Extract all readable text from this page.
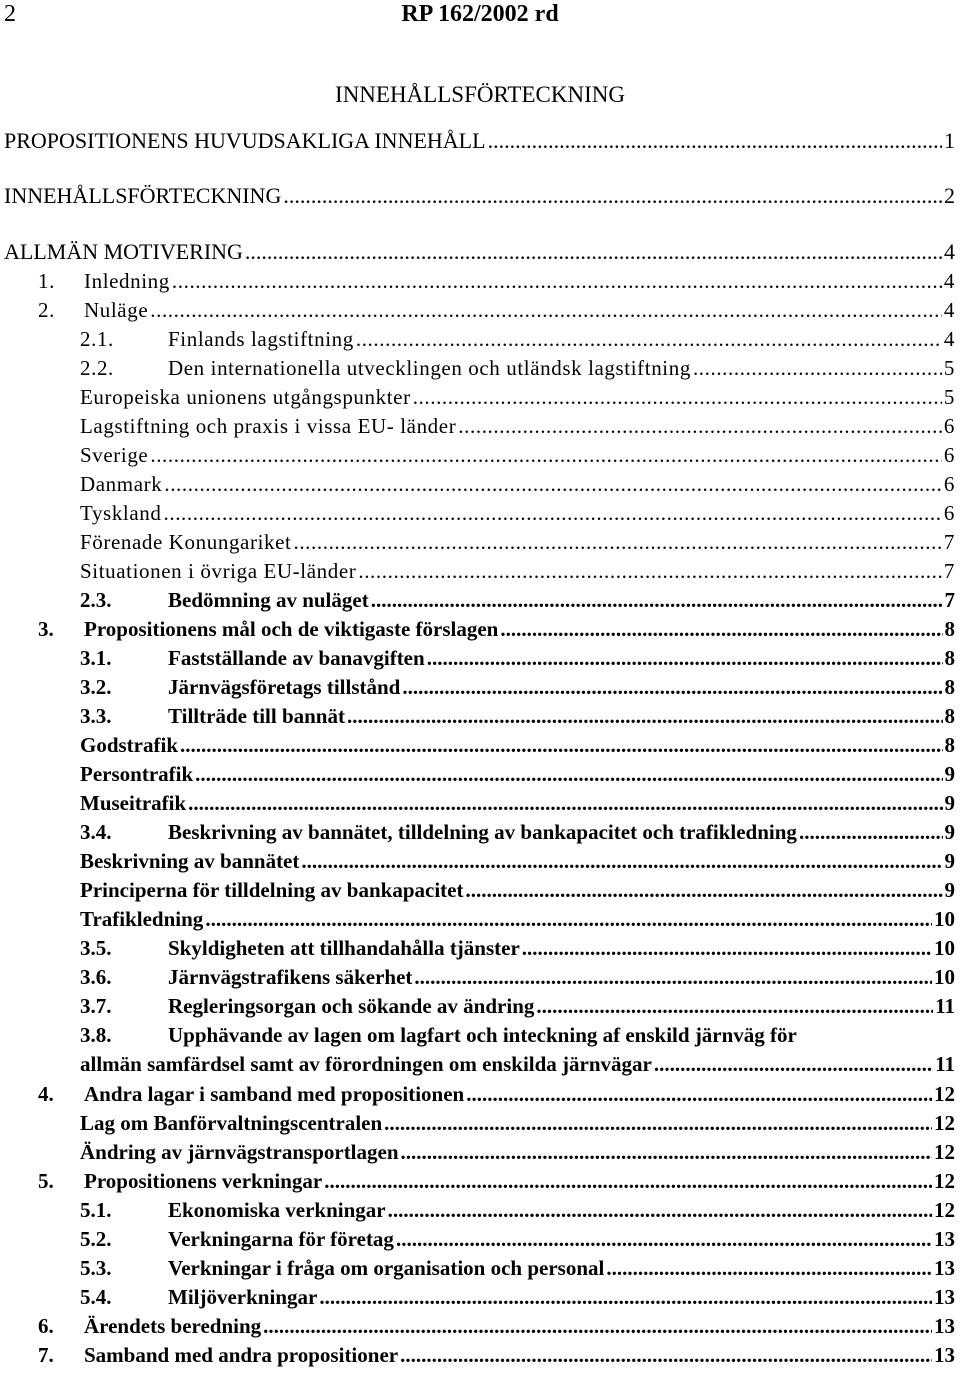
2	RP 162/2002 rd
INNEHÅLLSFÖRTECKNING
PROPOSITIONENS HUVUDSAKLIGA INNEHÅLL .....	1
INNEHÅLLSFÖRTECKNING .....	2
ALLMÄN MOTIVERING .....	4
1.	Inledning .....	4
2.	Nuläge .....	4
2.1.	Finlands lagstiftning .....	4
2.2.	Den internationella utvecklingen och utländsk lagstiftning .....	5
Europeiska unionens utgångspunkter .....	5
Lagstiftning och praxis i vissa EU- länder .....	6
Sverige .....	6
Danmark .....	6
Tyskland .....	6
Förenade Konungariket .....	7
Situationen i övriga EU-länder .....	7
2.3.	Bedömning av nuläget .....	7
3.	Propositionens mål och de viktigaste förslagen .....	8
3.1.	Fastställande av banavgiften .....	8
3.2.	Järnvägsföretags tillstånd .....	8
3.3.	Tillträde till bannät .....	8
Godstrafik .....	8
Persontrafik .....	9
Museitrafik .....	9
3.4.	Beskrivning av bannätet, tilldelning av bankapacitet och trafikledning .....	9
Beskrivning av bannätet .....	9
Principerna för tilldelning av bankapacitet .....	9
Trafikledning .....	10
3.5.	Skyldigheten att tillhandahålla tjänster .....	10
3.6.	Järnvägstrafikens säkerhet .....	10
3.7.	Regleringsorgan och sökande av ändring .....	11
3.8.	Upphävande av lagen om lagfart och inteckning af enskild järnväg för
allmän samfärdsel samt av förordningen om enskilda järnvägar .....	11
4.	Andra lagar i samband med propositionen .....	12
Lag om Banförvaltningscentralen .....	12
Ändring av järnvägstransportlagen .....	12
5.	Propositionens verkningar .....	12
5.1.	Ekonomiska verkningar .....	12
5.2.	Verkningarna för företag .....	13
5.3.	Verkningar i fråga om organisation och personal .....	13
5.4.	Miljöverkningar .....	13
6.	Ärendets beredning .....	13
7.	Samband med andra propositioner .....	13
